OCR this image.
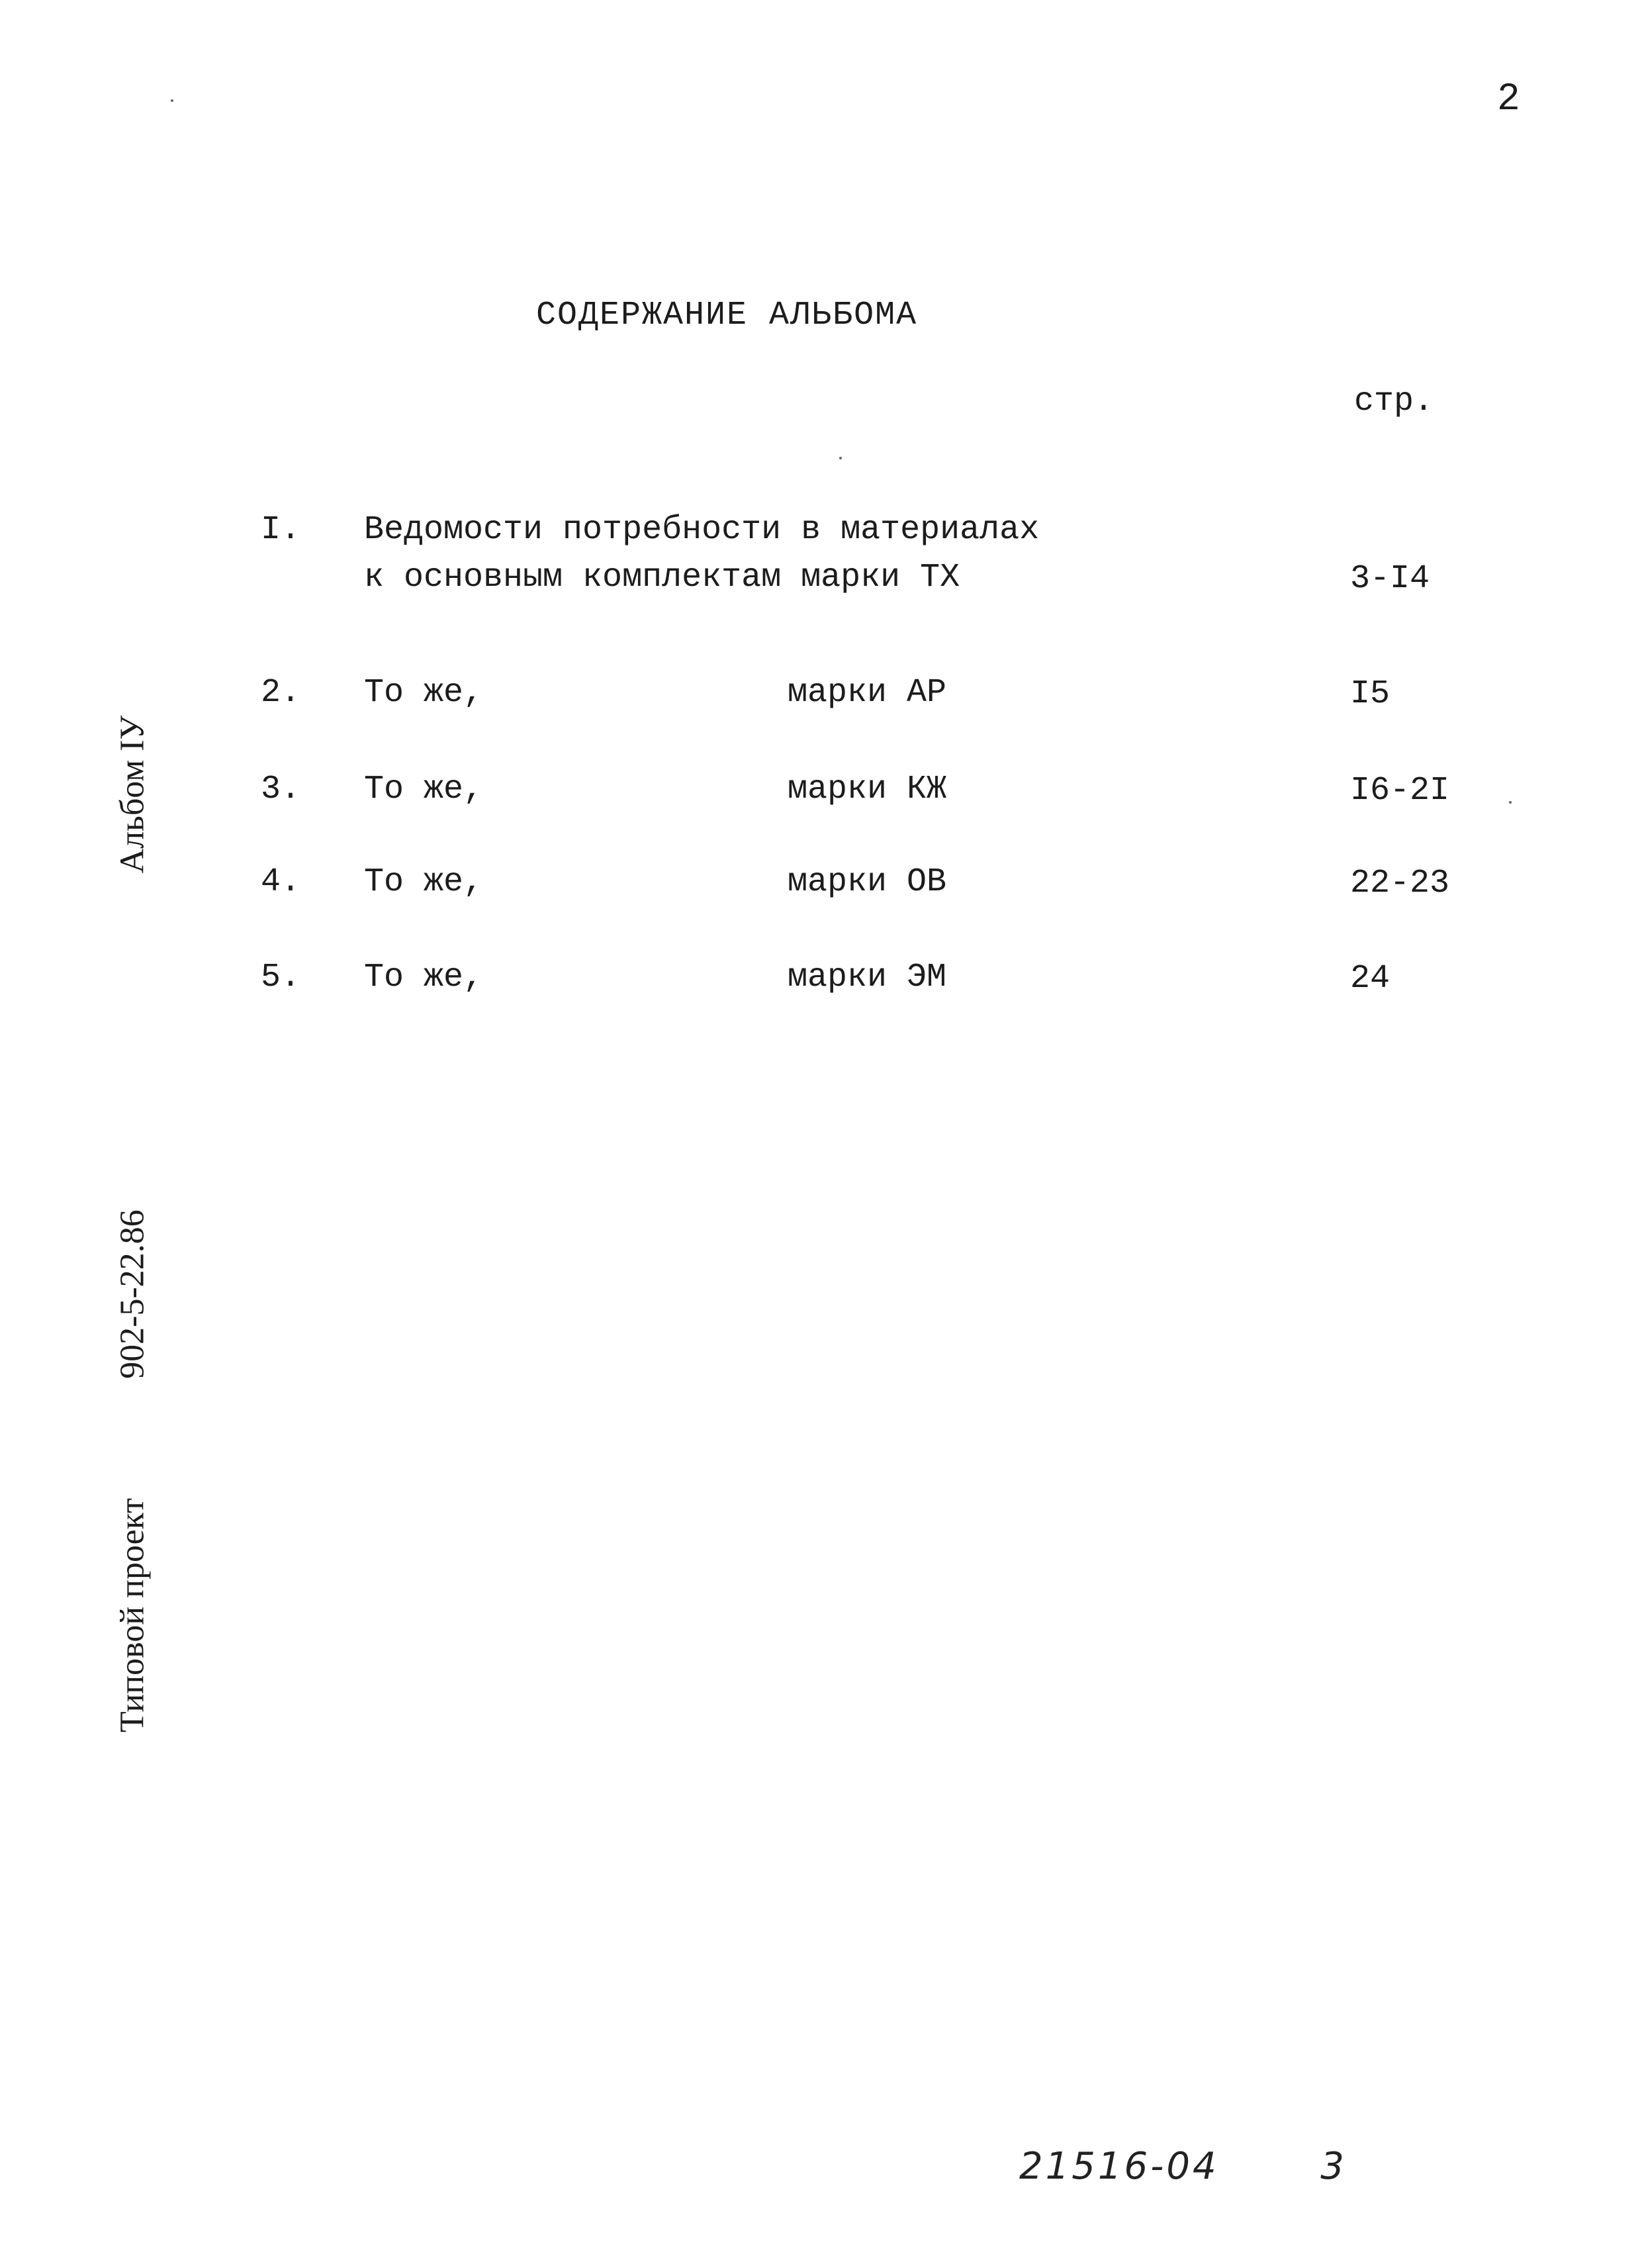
2
СОДЕРЖАНИЕ АЛЬБОМА
стр.
I. Ведомости потребности в материалах
к основным комплектам марки ТХ	3-I4
2. То же,	марки АР	I5
3. То же,	марки КЖ	I6-2I
4. То же,	марки ОВ	22-23
5. То же,	марки ЭМ	24
Альбом IУ
902-5-22.86
Типовой проект
21516-04	3
